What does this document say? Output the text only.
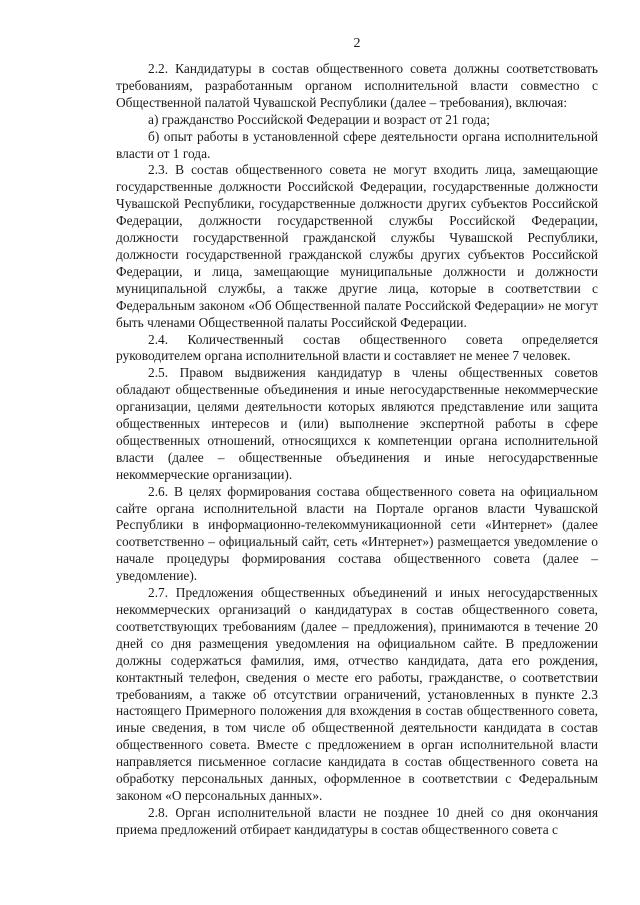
2

2.2. Кандидатуры в состав общественного совета должны соответствовать требованиям, разработанным органом исполнительной власти совместно с Общественной палатой Чувашской Республики (далее – требования), включая:

а) гражданство Российской Федерации и возраст от 21 года;

б) опыт работы в установленной сфере деятельности органа исполнительной власти от 1 года.

2.3. В состав общественного совета не могут входить лица, замещающие государственные должности Российской Федерации, государственные должности Чувашской Республики, государственные должности других субъектов Российской Федерации, должности государственной службы Российской Федерации, должности государственной гражданской службы Чувашской Республики, должности государственной гражданской службы других субъектов Российской Федерации, и лица, замещающие муниципальные должности и должности муниципальной службы, а также другие лица, которые в соответствии с Федеральным законом «Об Общественной палате Российской Федерации» не могут быть членами Общественной палаты Российской Федерации.

2.4. Количественный состав общественного совета определяется руководителем органа исполнительной власти и составляет не менее 7 человек.

2.5. Правом выдвижения кандидатур в члены общественных советов обладают общественные объединения и иные негосударственные некоммерческие организации, целями деятельности которых являются представление или защита общественных интересов и (или) выполнение экспертной работы в сфере общественных отношений, относящихся к компетенции органа исполнительной власти (далее – общественные объединения и иные негосударственные некоммерческие организации).

2.6. В целях формирования состава общественного совета на официальном сайте органа исполнительной власти на Портале органов власти Чувашской Республики в информационно-телекоммуникационной сети «Интернет» (далее соответственно – официальный сайт, сеть «Интернет») размещается уведомление о начале процедуры формирования состава общественного совета (далее – уведомление).

2.7. Предложения общественных объединений и иных негосударственных некоммерческих организаций о кандидатурах в состав общественного совета, соответствующих требованиям (далее – предложения), принимаются в течение 20 дней со дня размещения уведомления на официальном сайте. В предложении должны содержаться фамилия, имя, отчество кандидата, дата его рождения, контактный телефон, сведения о месте его работы, гражданстве, о соответствии требованиям, а также об отсутствии ограничений, установленных в пункте 2.3 настоящего Примерного положения для вхождения в состав общественного совета, иные сведения, в том числе об общественной деятельности кандидата в состав общественного совета. Вместе с предложением в орган исполнительной власти направляется письменное согласие кандидата в состав общественного совета на обработку персональных данных, оформленное в соответствии с Федеральным законом «О персональных данных».

2.8. Орган исполнительной власти не позднее 10 дней со дня окончания приема предложений отбирает кандидатуры в состав общественного совета с
